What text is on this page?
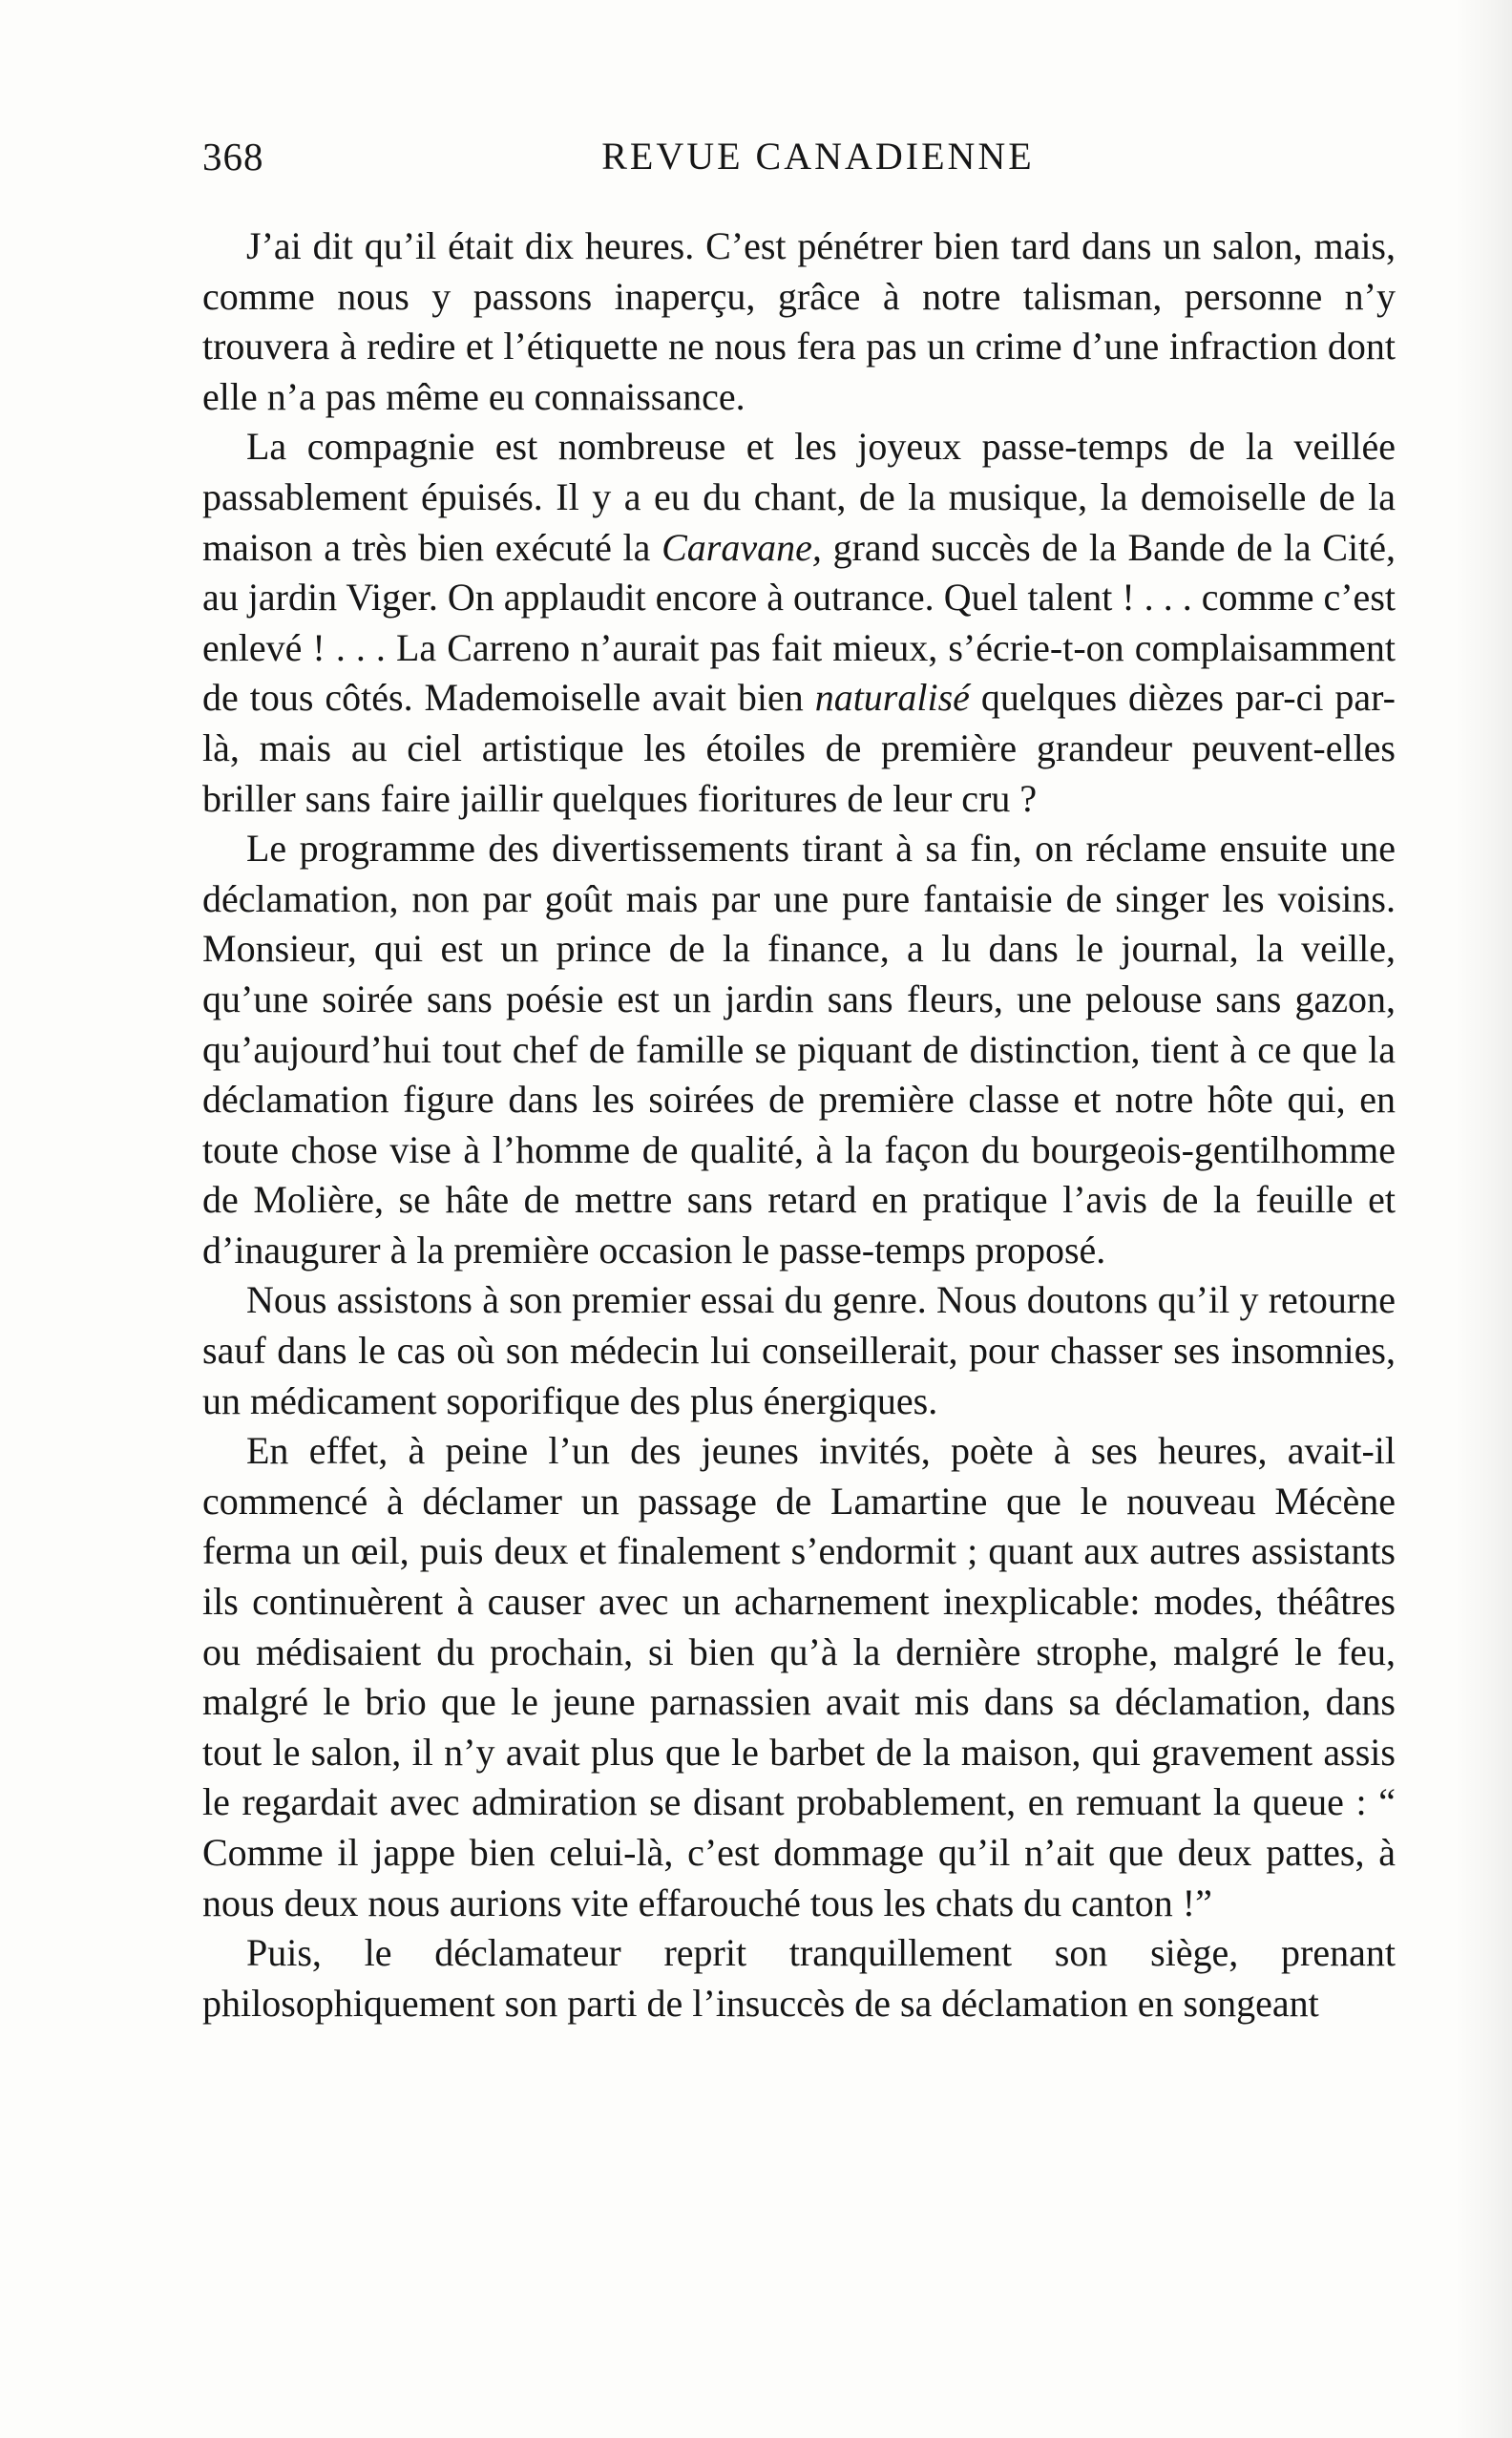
368	REVUE CANADIENNE

J’ai dit qu’il était dix heures. C’est pénétrer bien tard dans un salon, mais, comme nous y passons inaperçu, grâce à notre talisman, personne n’y trouvera à redire et l’étiquette ne nous fera pas un crime d’une infraction dont elle n’a pas même eu connaissance.

La compagnie est nombreuse et les joyeux passe-temps de la veillée passablement épuisés. Il y a eu du chant, de la musique, la demoiselle de la maison a très bien exécuté la Caravane, grand succès de la Bande de la Cité, au jardin Viger. On applaudit encore à outrance. Quel talent ! . . . comme c’est enlevé ! . . . La Carreno n’aurait pas fait mieux, s’écrie-t-on complaisamment de tous côtés. Mademoiselle avait bien naturalisé quelques dièzes par-ci par-là, mais au ciel artistique les étoiles de première grandeur peuvent-elles briller sans faire jaillir quelques fioritures de leur cru ?

Le programme des divertissements tirant à sa fin, on réclame ensuite une déclamation, non par goût mais par une pure fantaisie de singer les voisins. Monsieur, qui est un prince de la finance, a lu dans le journal, la veille, qu’une soirée sans poésie est un jardin sans fleurs, une pelouse sans gazon, qu’aujourd’hui tout chef de famille se piquant de distinction, tient à ce que la déclamation figure dans les soirées de première classe et notre hôte qui, en toute chose vise à l’homme de qualité, à la façon du bourgeois-gentilhomme de Molière, se hâte de mettre sans retard en pratique l’avis de la feuille et d’inaugurer à la première occasion le passe-temps proposé.

Nous assistons à son premier essai du genre. Nous doutons qu’il y retourne sauf dans le cas où son médecin lui conseillerait, pour chasser ses insomnies, un médicament soporifique des plus énergiques.

En effet, à peine l’un des jeunes invités, poète à ses heures, avait-il commencé à déclamer un passage de Lamartine que le nouveau Mécène ferma un œil, puis deux et finalement s’endormit ; quant aux autres assistants ils continuèrent à causer avec un acharnement inexplicable: modes, théâtres ou médisaient du prochain, si bien qu’à la dernière strophe, malgré le feu, malgré le brio que le jeune parnassien avait mis dans sa déclamation, dans tout le salon, il n’y avait plus que le barbet de la maison, qui gravement assis le regardait avec admiration se disant probablement, en remuant la queue : “ Comme il jappe bien celui-là, c’est dommage qu’il n’ait que deux pattes, à nous deux nous aurions vite effarouché tous les chats du canton !”

Puis, le déclamateur reprit tranquillement son siège, prenant philosophiquement son parti de l’insuccès de sa déclamation en songeant
